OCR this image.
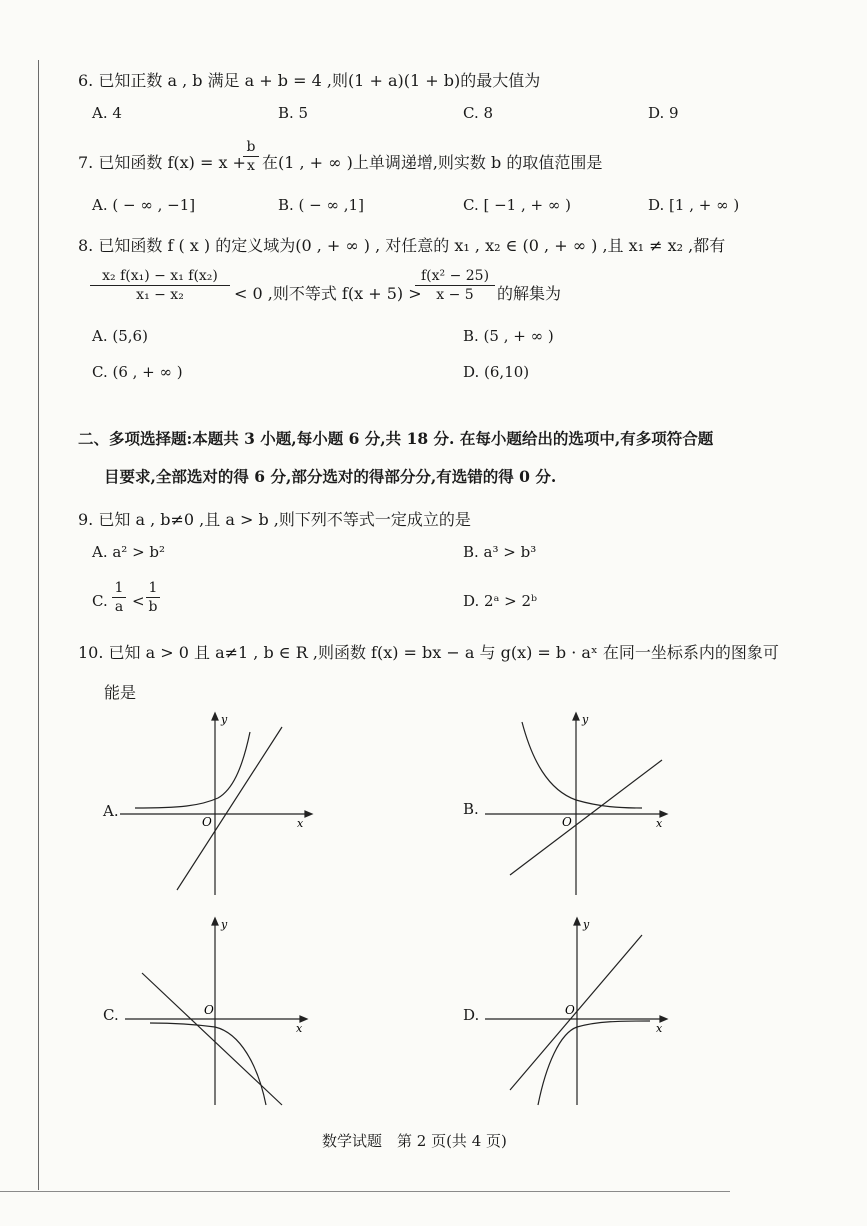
6. 已知正数 a , b 满足 a + b = 4 ,则(1 + a)(1 + b)的最大值为
A. 4	B. 5	C. 8	D. 9
7. 已知函数 f(x) = x +
b
x 在(1 , + ∞ )上单调递增,则实数 b 的取值范围是
A. ( − ∞ , −1]	B. ( − ∞ ,1]	C. [ −1 , + ∞ )	D. [1 , + ∞ )
8. 已知函数 f ( x ) 的定义域为(0 , + ∞ ) , 对任意的 x₁ , x₂ ∈ (0 , + ∞ ) ,且 x₁ ≠ x₂ ,都有
x₂ f(x₁) − x₁ f(x₂)
x₁ − x₂	< 0 ,则不等式 f(x + 5) >
f(x² − 25)
x − 5	的解集为
A. (5,6)	B. (5 , + ∞ )
C. (6 , + ∞ )	D. (6,10)
二、多项选择题:本题共 3 小题,每小题 6 分,共 18 分. 在每小题给出的选项中,有多项符合题
目要求,全部选对的得 6 分,部分选对的得部分分,有选错的得 0 分.
9. 已知 a , b≠0 ,且 a > b ,则下列不等式一定成立的是
A. a² > b²	B. a³ > b³
C.
1
a <
1
b	D. 2ᵃ > 2ᵇ
10. 已知 a > 0 且 a≠1 , b ∈ R ,则函数 f(x) = bx − a 与 g(x) = b · aˣ 在同一坐标系内的图象可
能是
A.
y
x
O
B.
y
x
O
C.
y
x
O	D.
y
x
O
数学试题　第 2 页(共 4 页)
